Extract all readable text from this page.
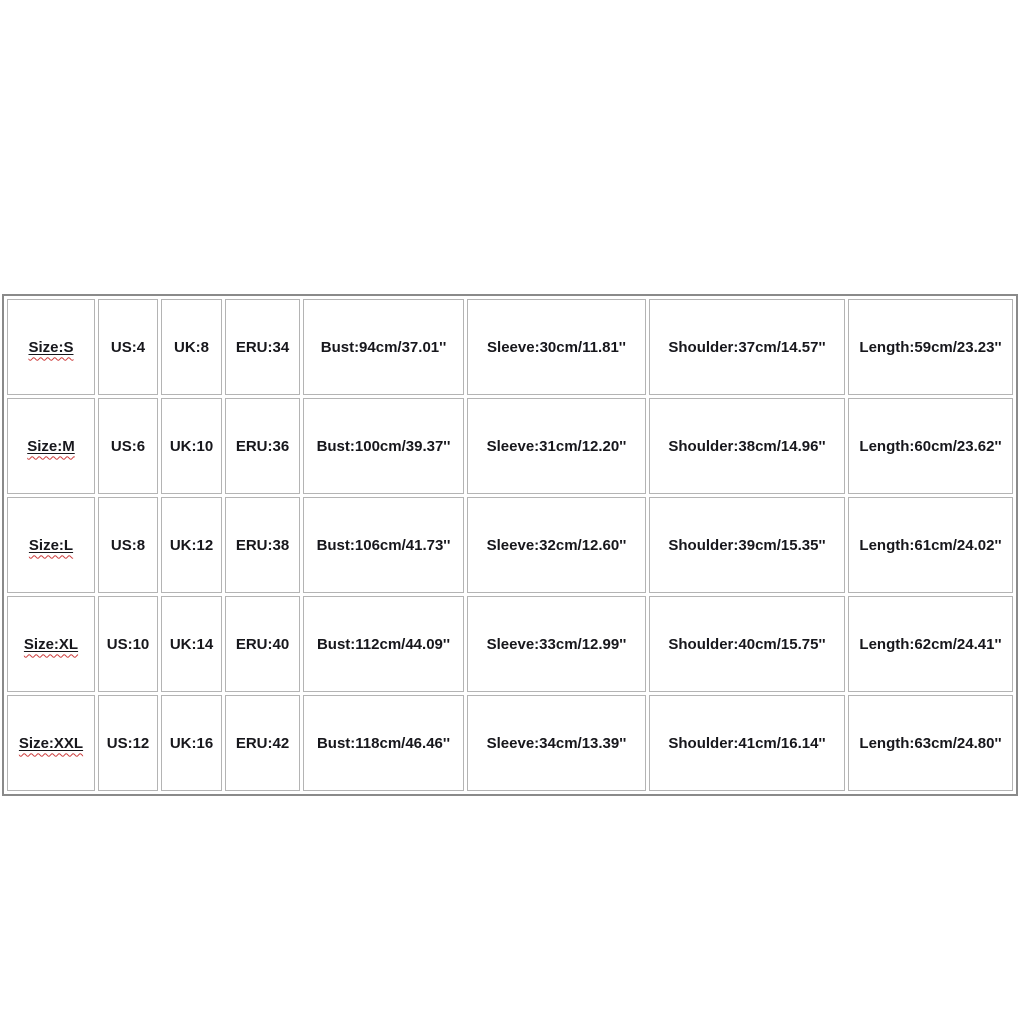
Size:S	US:4	UK:8	ERU:34	Bust:94cm/37.01''	Sleeve:30cm/11.81''	Shoulder:37cm/14.57''	Length:59cm/23.23''
Size:M	US:6	UK:10	ERU:36	Bust:100cm/39.37''	Sleeve:31cm/12.20''	Shoulder:38cm/14.96''	Length:60cm/23.62''
Size:L	US:8	UK:12	ERU:38	Bust:106cm/41.73''	Sleeve:32cm/12.60''	Shoulder:39cm/15.35''	Length:61cm/24.02''
Size:XL	US:10	UK:14	ERU:40	Bust:112cm/44.09''	Sleeve:33cm/12.99''	Shoulder:40cm/15.75''	Length:62cm/24.41''
Size:XXL	US:12	UK:16	ERU:42	Bust:118cm/46.46''	Sleeve:34cm/13.39''	Shoulder:41cm/16.14''	Length:63cm/24.80''
